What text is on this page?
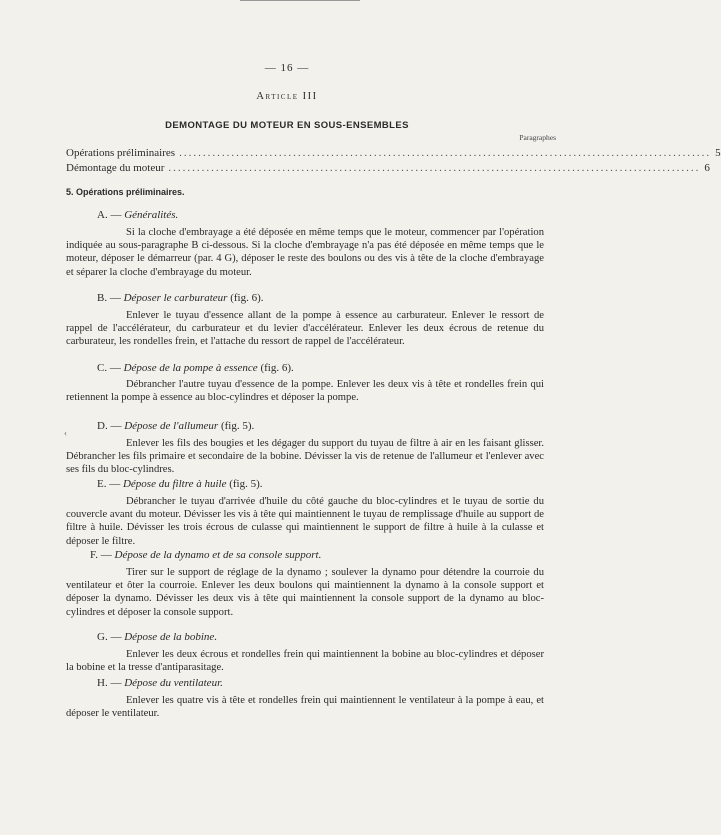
— 16 —
Article III
DEMONTAGE DU MOTEUR EN SOUS-ENSEMBLES
Paragraphes
Opérations préliminaires ................................................................................................................ 5
Démontage du moteur ................................................................................................................ 6
5. Opérations préliminaires.
A. — Généralités.
Si la cloche d'embrayage a été déposée en même temps que le moteur, commencer par l'opération indiquée au sous-paragraphe B ci-dessous. Si la cloche d'embrayage n'a pas été déposée en même temps que le moteur, déposer le démarreur (par. 4 G), déposer le reste des boulons ou des vis à tête de la cloche d'embrayage et séparer la cloche d'embrayage du moteur.
B. — Déposer le carburateur (fig. 6).
Enlever le tuyau d'essence allant de la pompe à essence au carburateur. Enlever le ressort de rappel de l'accélérateur, du carburateur et du levier d'accélérateur. Enlever les deux écrous de retenue du carburateur, les rondelles frein, et l'attache du ressort de rappel de l'accélérateur.
C. — Dépose de la pompe à essence (fig. 6).
Débrancher l'autre tuyau d'essence de la pompe. Enlever les deux vis à tête et rondelles frein qui retiennent la pompe à essence au bloc-cylindres et déposer la pompe.
‹
D. — Dépose de l'allumeur (fig. 5).
Enlever les fils des bougies et les dégager du support du tuyau de filtre à air en les faisant glisser. Débrancher les fils primaire et secondaire de la bobine. Dévisser la vis de retenue de l'allumeur et l'enlever avec ses fils du bloc-cylindres.
E. — Dépose du filtre à huile (fig. 5).
Débrancher le tuyau d'arrivée d'huile du côté gauche du bloc-cylindres et le tuyau de sortie du couvercle avant du moteur. Dévisser les vis à tête qui maintiennent le tuyau de remplissage d'huile au support de filtre à huile. Dévisser les trois écrous de culasse qui maintiennent le support de filtre à huile à la culasse et déposer le filtre.
F. — Dépose de la dynamo et de sa console support.
Tirer sur le support de réglage de la dynamo ; soulever la dynamo pour détendre la courroie du ventilateur et ôter la courroie. Enlever les deux boulons qui maintiennent la dynamo à la console support et déposer la dynamo. Dévisser les deux vis à tête qui maintiennent la console support de la dynamo au bloc-cylindres et déposer la console support.
G. — Dépose de la bobine.
Enlever les deux écrous et rondelles frein qui maintiennent la bobine au bloc-cylindres et déposer la bobine et la tresse d'antiparasitage.
H. — Dépose du ventilateur.
Enlever les quatre vis à tête et rondelles frein qui maintiennent le ventilateur à la pompe à eau, et déposer le ventilateur.
